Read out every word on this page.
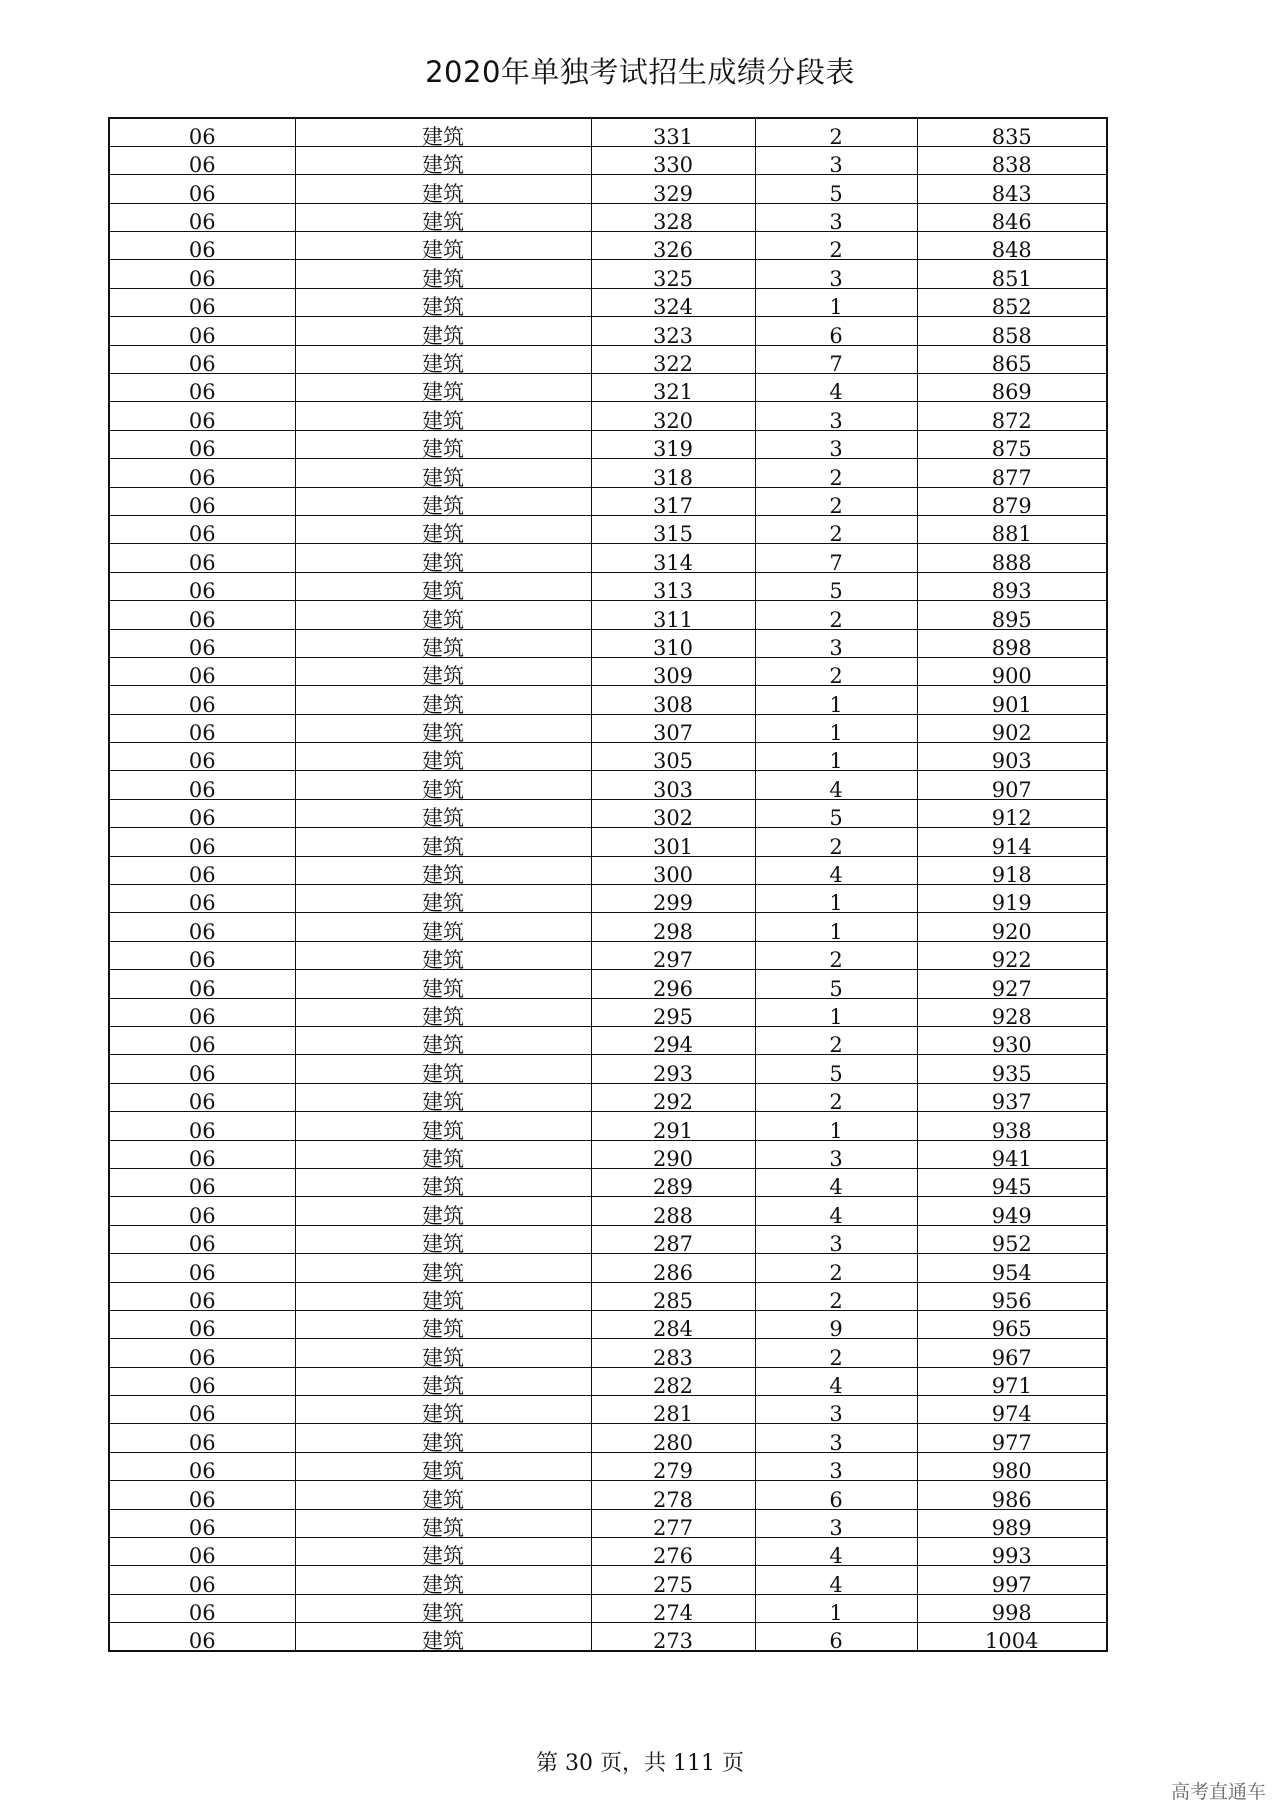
2020年单独考试招生成绩分段表
06	建筑	331	2	835
06	建筑	330	3	838
06	建筑	329	5	843
06	建筑	328	3	846
06	建筑	326	2	848
06	建筑	325	3	851
06	建筑	324	1	852
06	建筑	323	6	858
06	建筑	322	7	865
06	建筑	321	4	869
06	建筑	320	3	872
06	建筑	319	3	875
06	建筑	318	2	877
06	建筑	317	2	879
06	建筑	315	2	881
06	建筑	314	7	888
06	建筑	313	5	893
06	建筑	311	2	895
06	建筑	310	3	898
06	建筑	309	2	900
06	建筑	308	1	901
06	建筑	307	1	902
06	建筑	305	1	903
06	建筑	303	4	907
06	建筑	302	5	912
06	建筑	301	2	914
06	建筑	300	4	918
06	建筑	299	1	919
06	建筑	298	1	920
06	建筑	297	2	922
06	建筑	296	5	927
06	建筑	295	1	928
06	建筑	294	2	930
06	建筑	293	5	935
06	建筑	292	2	937
06	建筑	291	1	938
06	建筑	290	3	941
06	建筑	289	4	945
06	建筑	288	4	949
06	建筑	287	3	952
06	建筑	286	2	954
06	建筑	285	2	956
06	建筑	284	9	965
06	建筑	283	2	967
06	建筑	282	4	971
06	建筑	281	3	974
06	建筑	280	3	977
06	建筑	279	3	980
06	建筑	278	6	986
06	建筑	277	3	989
06	建筑	276	4	993
06	建筑	275	4	997
06	建筑	274	1	998
06	建筑	273	6	1004
第 30 页，共 111 页
高考直通车
